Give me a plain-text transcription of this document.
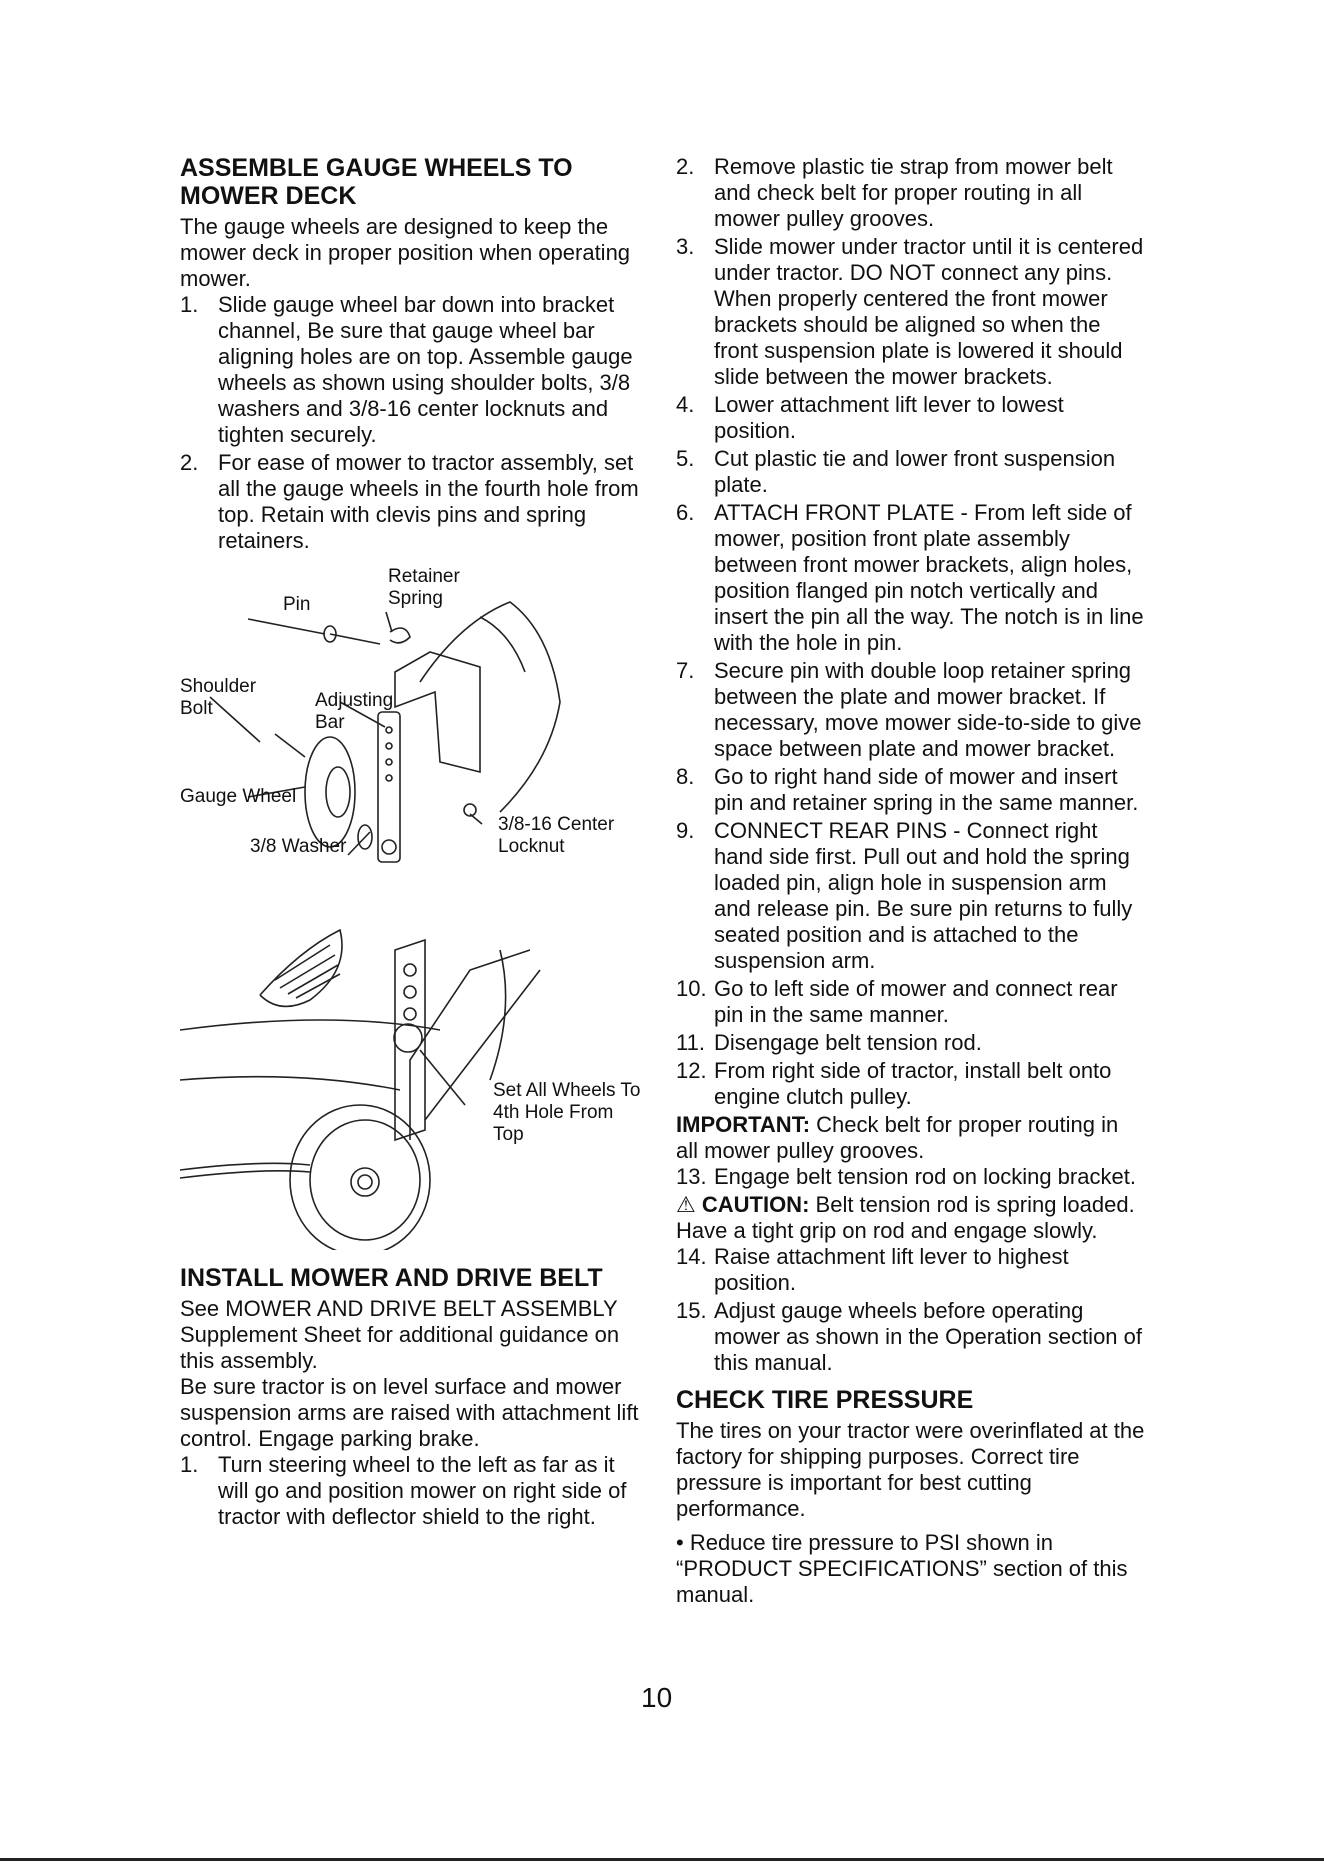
ASSEMBLE GAUGE WHEELS TO MOWER DECK

The gauge wheels are designed to keep the mower deck in proper position when operating mower.

1. Slide gauge wheel bar down into bracket channel, Be sure that gauge wheel bar aligning holes are on top. Assemble gauge wheels as shown using shoulder bolts, 3/8 washers and 3/8-16 center locknuts and tighten securely.
2. For ease of mower to tractor assembly, set all the gauge wheels in the fourth hole from top. Retain with clevis pins and spring retainers.
Retainer Spring
Pin
Shoulder Bolt	Adjusting Bar
Gauge Wheel
3/8 Washer
3/8-16 Center Locknut
Set All Wheels To 4th Hole From Top
INSTALL MOWER AND DRIVE BELT

See MOWER AND DRIVE BELT ASSEMBLY Supplement Sheet for additional guidance on this assembly.

Be sure tractor is on level surface and mower suspension arms are raised with attachment lift control. Engage parking brake.

1. Turn steering wheel to the left as far as it will go and position mower on right side of tractor with deflector shield to the right.
2. Remove plastic tie strap from mower belt and check belt for proper routing in all mower pulley grooves.
3. Slide mower under tractor until it is centered under tractor. DO NOT connect any pins. When properly centered the front mower brackets should be aligned so when the front suspension plate is lowered it should slide between the mower brackets.
4. Lower attachment lift lever to lowest position.
5. Cut plastic tie and lower front suspension plate.
6. ATTACH FRONT PLATE - From left side of mower, position front plate assembly between front mower brackets, align holes, position flanged pin notch vertically and insert the pin all the way. The notch is in line with the hole in pin.
7. Secure pin with double loop retainer spring between the plate and mower bracket. If necessary, move mower side-to-side to give space between plate and mower bracket.
8. Go to right hand side of mower and insert pin and retainer spring in the same manner.
9. CONNECT REAR PINS - Connect right hand side first. Pull out and hold the spring loaded pin, align hole in suspension arm and release pin. Be sure pin returns to fully seated position and is attached to the suspension arm.
10. Go to left side of mower and connect rear pin in the same manner.
11. Disengage belt tension rod.
12. From right side of tractor, install belt onto engine clutch pulley.

IMPORTANT: Check belt for proper routing in all mower pulley grooves.

13. Engage belt tension rod on locking bracket.

⚠ CAUTION: Belt tension rod is spring loaded. Have a tight grip on rod and engage slowly.

14. Raise attachment lift lever to highest position.
15. Adjust gauge wheels before operating mower as shown in the Operation section of this manual.
CHECK TIRE PRESSURE

The tires on your tractor were overinflated at the factory for shipping purposes. Correct tire pressure is important for best cutting performance.

• Reduce tire pressure to PSI shown in “PRODUCT SPECIFICATIONS” section of this manual.

10
